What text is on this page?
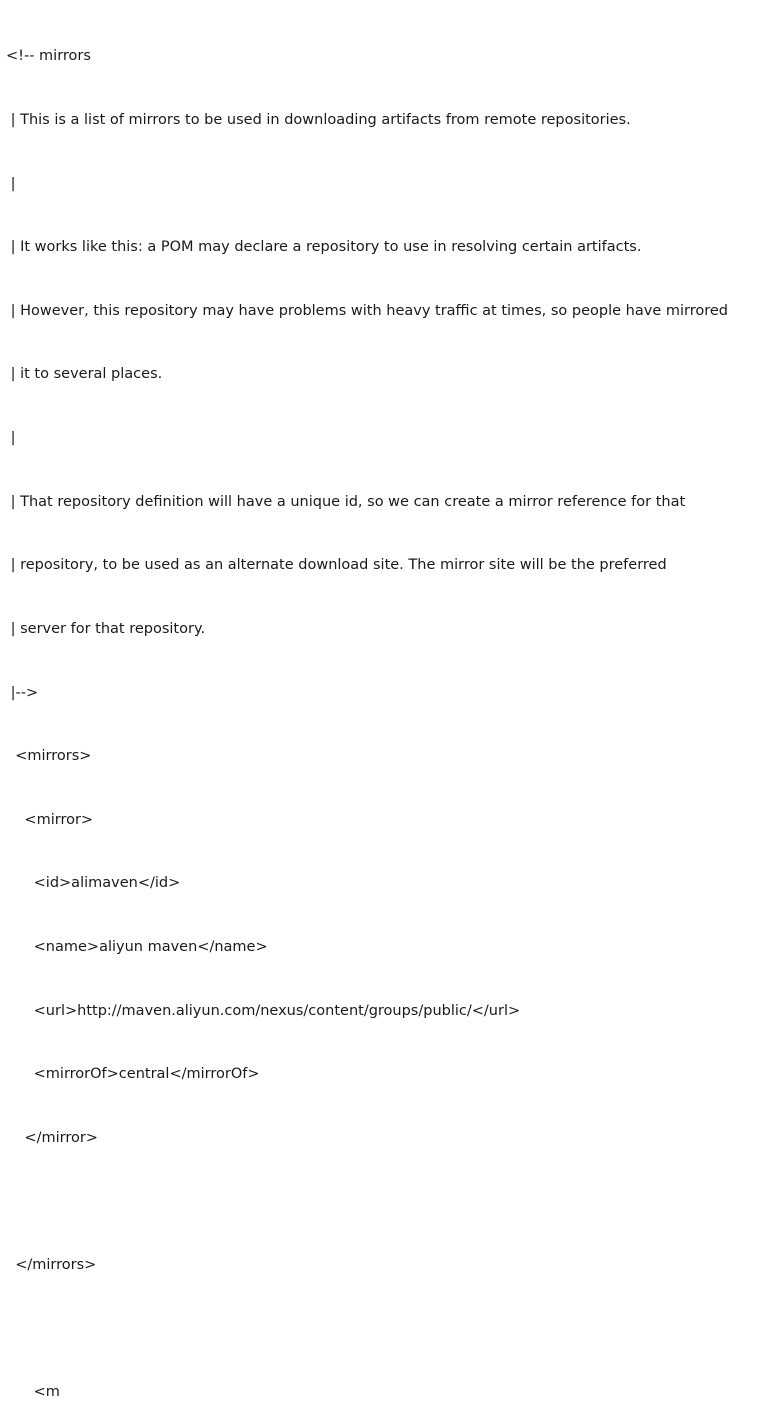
<!-- mirrors

| This is a list of mirrors to be used in downloading artifacts from remote repositories.

|

| It works like this: a POM may declare a repository to use in resolving certain artifacts.

| However, this repository may have problems with heavy traffic at times, so people have mirrored

| it to several places.

|

| That repository definition will have a unique id, so we can create a mirror reference for that

| repository, to be used as an alternate download site. The mirror site will be the preferred

| server for that repository.

|-->

<mirrors>

<mirror>

<id>alimaven</id>

<name>aliyun maven</name>

<url>http://maven.aliyun.com/nexus/content/groups/public/</url>

<mirrorOf>central</mirrorOf>

</mirror>

</mirrors>

<m
